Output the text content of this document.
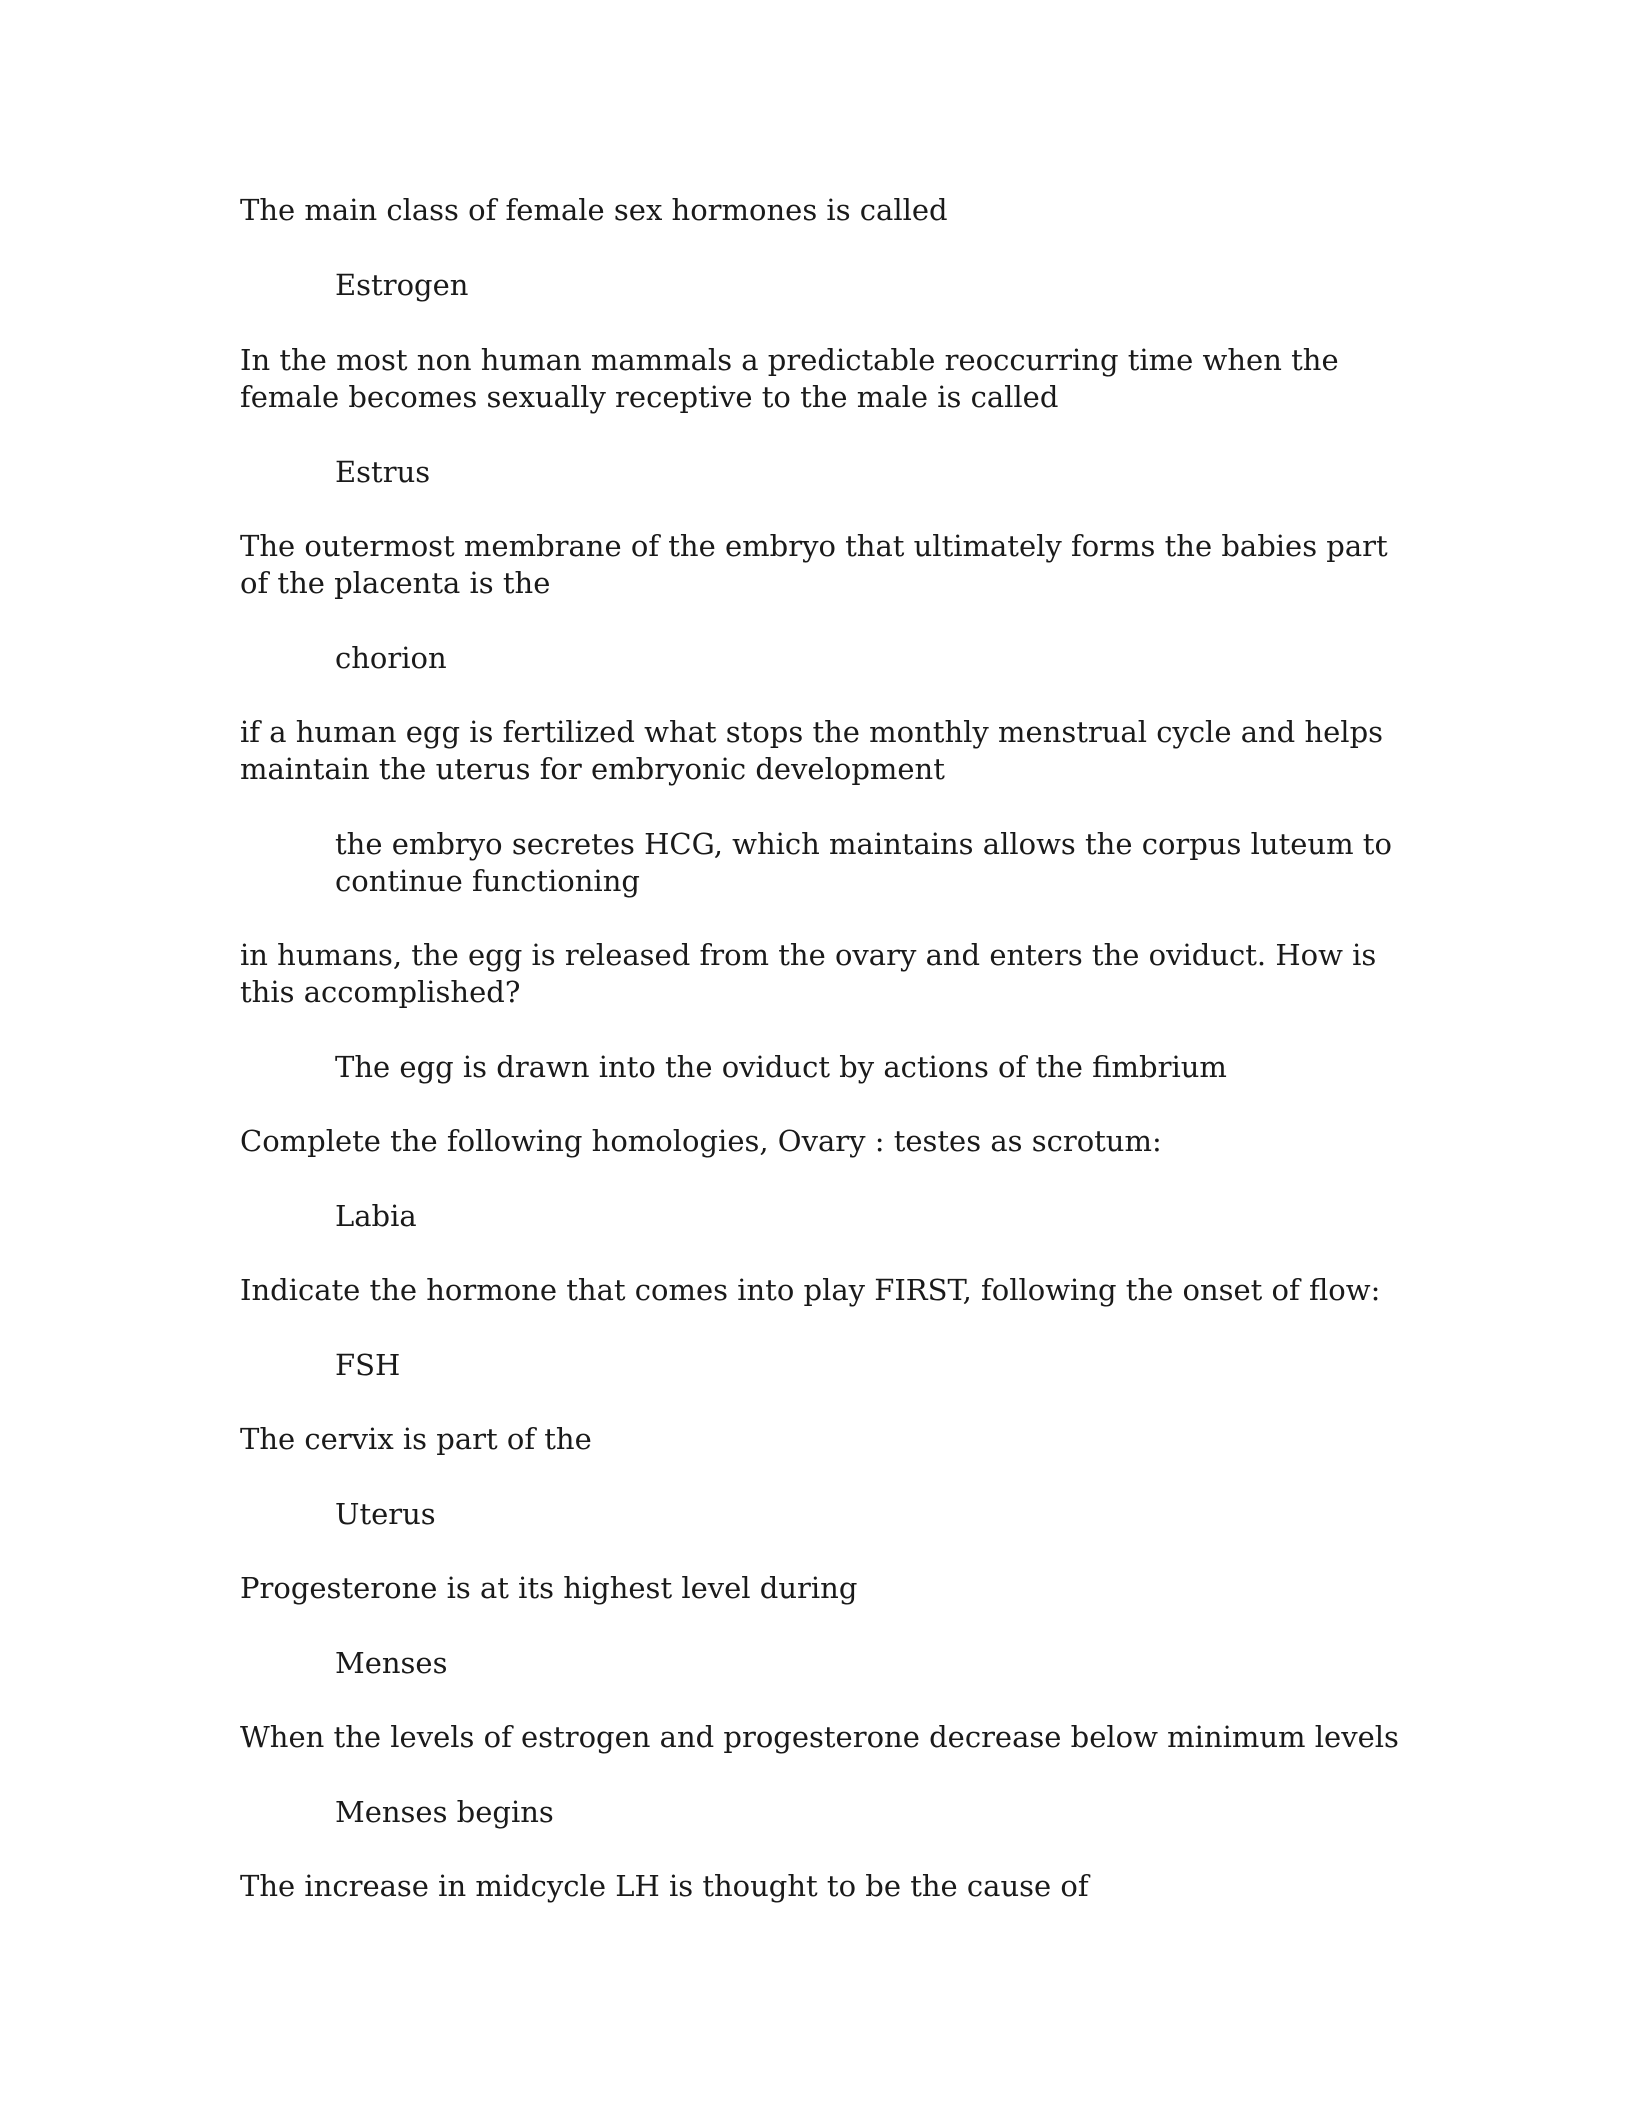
The main class of female sex hormones is called

Estrogen

In the most non human mammals a predictable reoccurring time when the female becomes sexually receptive to the male is called

Estrus

The outermost membrane of the embryo that ultimately forms the babies part of the placenta is the

chorion

if a human egg is fertilized what stops the monthly menstrual cycle and helps maintain the uterus for embryonic development

the embryo secretes HCG, which maintains allows the corpus luteum to continue functioning

in humans, the egg is released from the ovary and enters the oviduct. How is this accomplished?

The egg is drawn into the oviduct by actions of the fimbrium

Complete the following homologies, Ovary : testes as scrotum:

Labia

Indicate the hormone that comes into play FIRST, following the onset of flow:

FSH

The cervix is part of the

Uterus

Progesterone is at its highest level during

Menses

When the levels of estrogen and progesterone decrease below minimum levels

Menses begins

The increase in midcycle LH is thought to be the cause of
